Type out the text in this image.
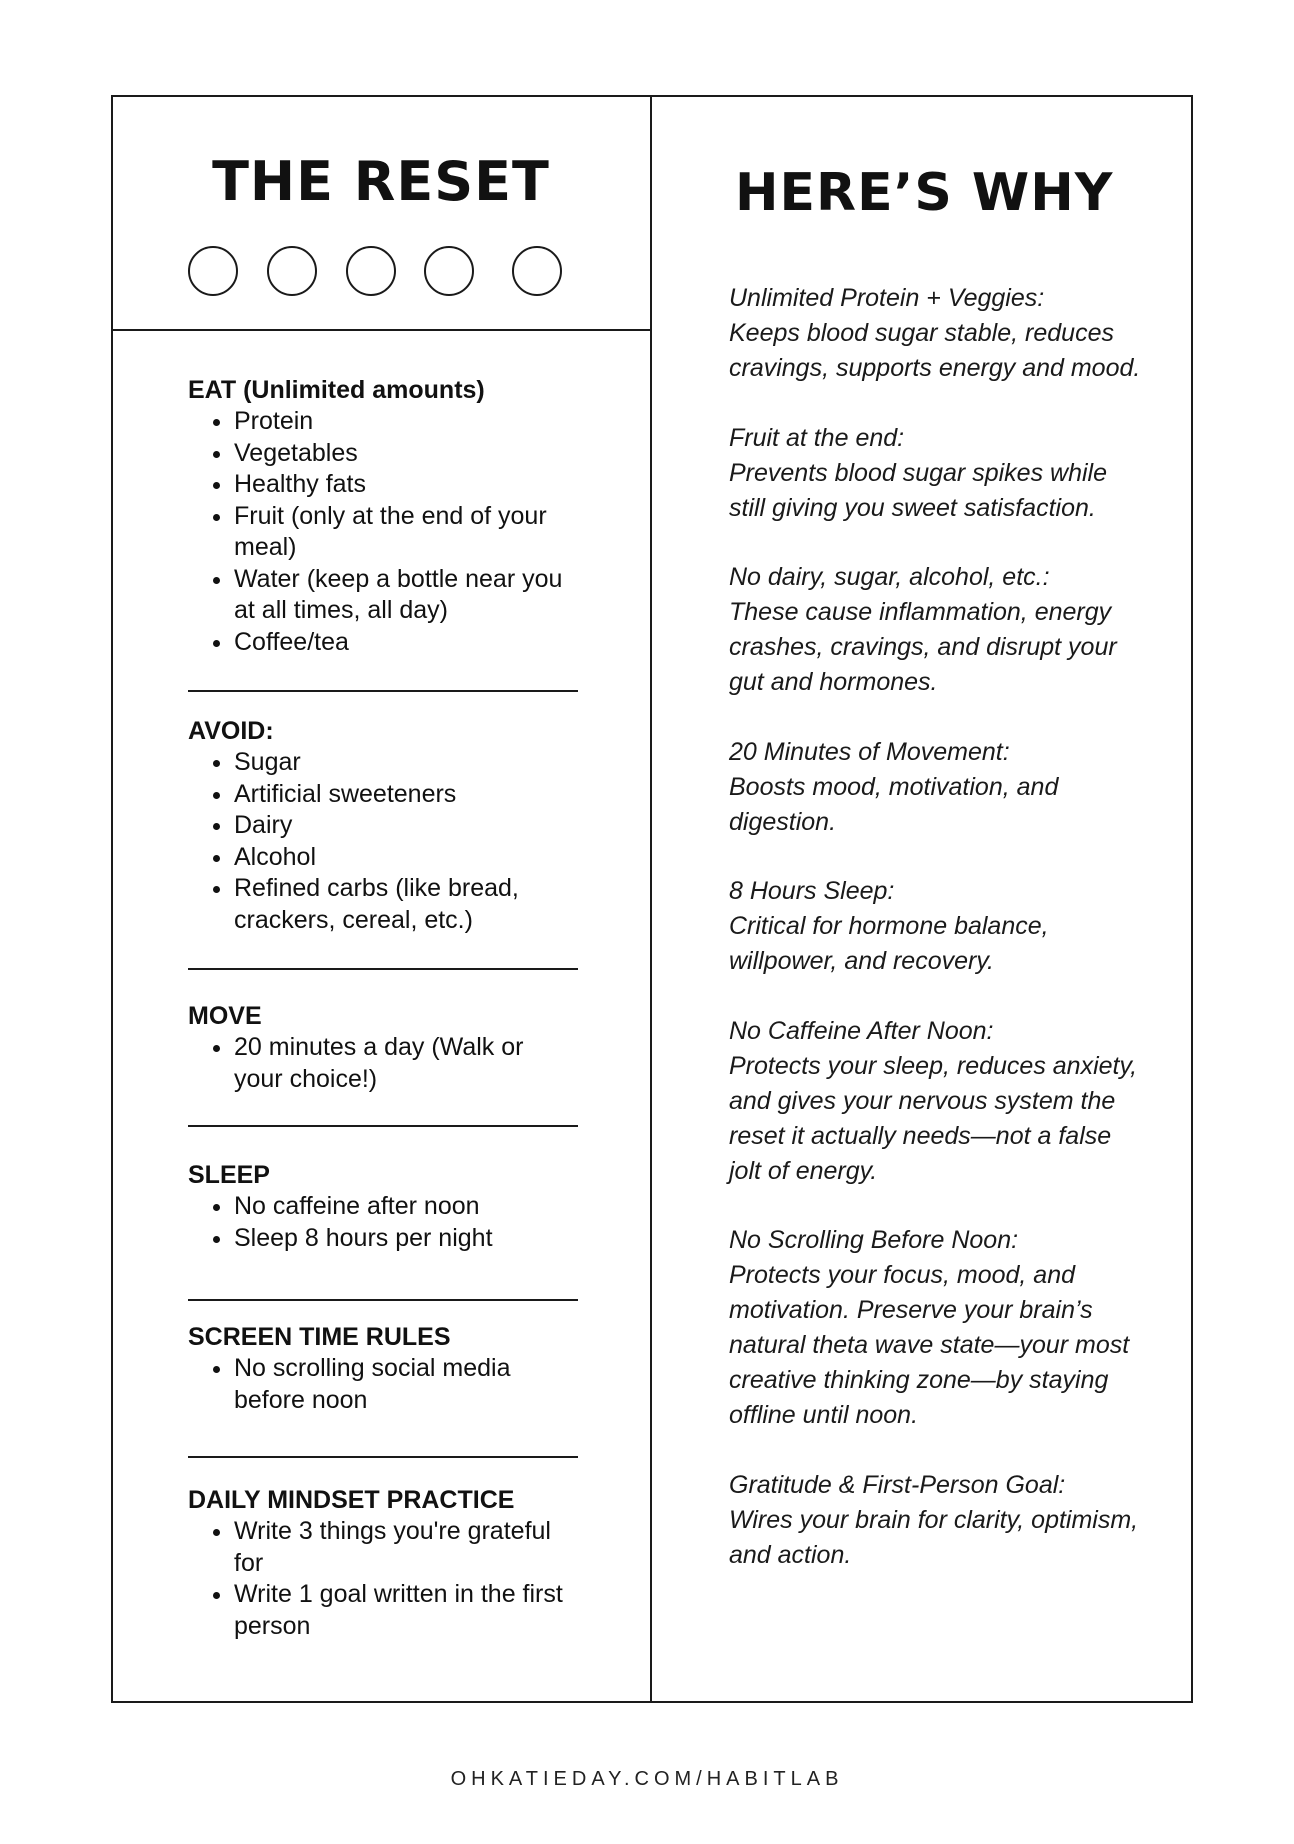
THE RESET	HERE’S WHY
EAT (Unlimited amounts)
• Protein
• Vegetables
• Healthy fats
• Fruit (only at the end of your meal)
• Water (keep a bottle near you at all times, all day)
• Coffee/tea
AVOID:
• Sugar
• Artificial sweeteners
• Dairy
• Alcohol
• Refined carbs (like bread, crackers, cereal, etc.)
MOVE
• 20 minutes a day (Walk or your choice!)
SLEEP
• No caffeine after noon
• Sleep 8 hours per night
SCREEN TIME RULES
• No scrolling social media before noon
DAILY MINDSET PRACTICE
• Write 3 things you're grateful for
• Write 1 goal written in the first person

Unlimited Protein + Veggies:
Keeps blood sugar stable, reduces cravings, supports energy and mood.

Fruit at the end:
Prevents blood sugar spikes while still giving you sweet satisfaction.

No dairy, sugar, alcohol, etc.:
These cause inflammation, energy crashes, cravings, and disrupt your gut and hormones.

20 Minutes of Movement:
Boosts mood, motivation, and digestion.

8 Hours Sleep:
Critical for hormone balance, willpower, and recovery.

No Caffeine After Noon:
Protects your sleep, reduces anxiety, and gives your nervous system the reset it actually needs—not a false jolt of energy.

No Scrolling Before Noon:
Protects your focus, mood, and motivation. Preserve your brain’s natural theta wave state—your most creative thinking zone—by staying offline until noon.

Gratitude & First-Person Goal:
Wires your brain for clarity, optimism, and action.

OHKATIEDAY.COM/HABITLAB
